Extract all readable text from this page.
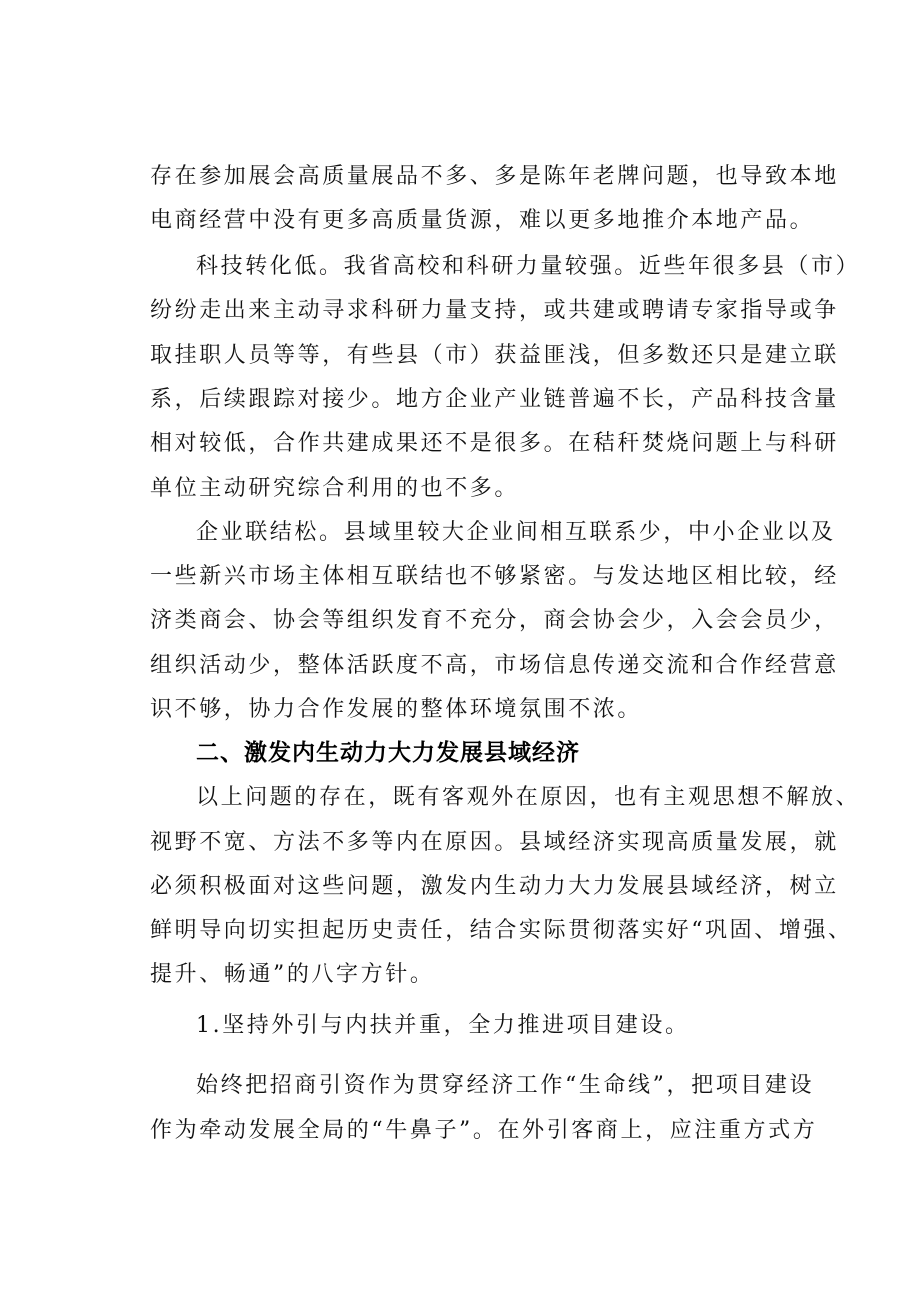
存在参加展会高质量展品不多、多是陈年老牌问题，也导致本地
电商经营中没有更多高质量货源，难以更多地推介本地产品。
科技转化低。我省高校和科研力量较强。近些年很多县（市）
纷纷走出来主动寻求科研力量支持，或共建或聘请专家指导或争
取挂职人员等等，有些县（市）获益匪浅，但多数还只是建立联
系，后续跟踪对接少。地方企业产业链普遍不长，产品科技含量
相对较低，合作共建成果还不是很多。在秸秆焚烧问题上与科研
单位主动研究综合利用的也不多。
企业联结松。县域里较大企业间相互联系少，中小企业以及
一些新兴市场主体相互联结也不够紧密。与发达地区相比较，经
济类商会、协会等组织发育不充分，商会协会少，入会会员少，
组织活动少，整体活跃度不高，市场信息传递交流和合作经营意
识不够，协力合作发展的整体环境氛围不浓。
二、激发内生动力大力发展县域经济
以上问题的存在，既有客观外在原因，也有主观思想不解放、
视野不宽、方法不多等内在原因。县域经济实现高质量发展，就
必须积极面对这些问题，激发内生动力大力发展县域经济，树立
鲜明导向切实担起历史责任，结合实际贯彻落实好“巩固、增强、
提升、畅通”的八字方针。
1.坚持外引与内扶并重，全力推进项目建设。
始终把招商引资作为贯穿经济工作“生命线”，把项目建设
作为牵动发展全局的“牛鼻子”。在外引客商上，应注重方式方
